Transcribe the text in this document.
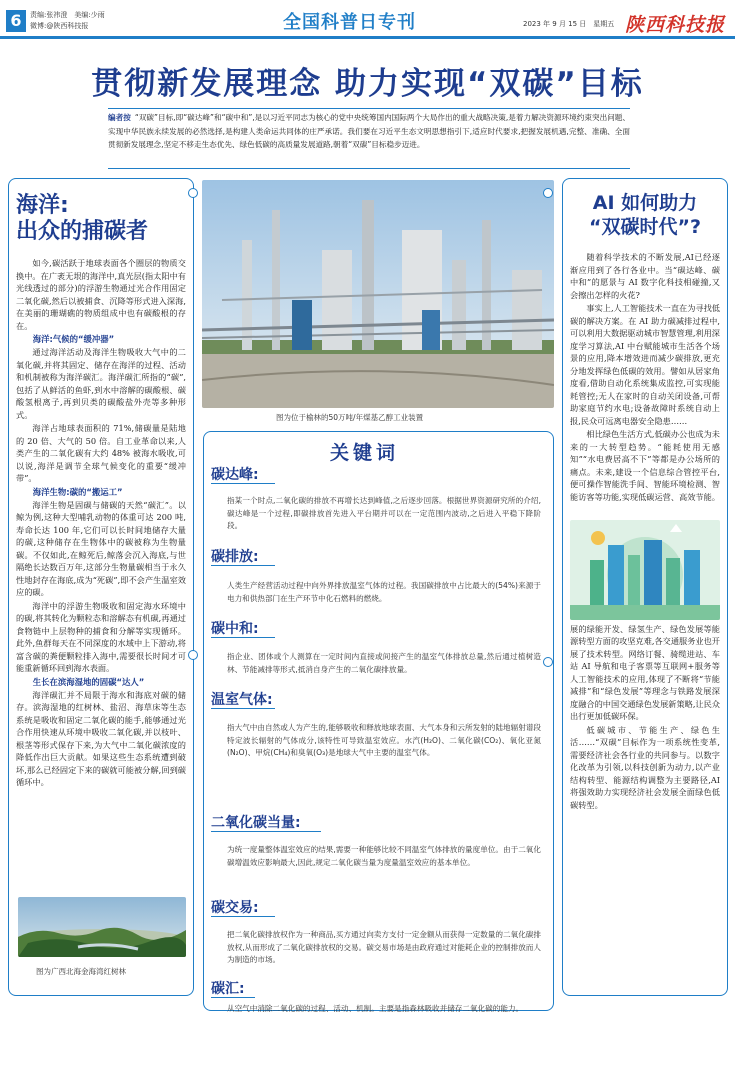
6	责编:张祎澄　美编:少雨
微博:@陕西科技报	全国科普日专刊	2023 年 9 月 15 日　星期五 陕西科技报
贯彻新发展理念 助力实现“双碳”目标
编者按 “双碳”目标,即“碳达峰”和“碳中和”,是以习近平同志为核心的党中央统筹国内国际两个大局作出的重大战略决策,是着力解决资源环境约束突出问题、实现中华民族永续发展的必然选择,是构建人类命运共同体的庄严承诺。我们要在习近平生态文明思想指引下,适应时代要求,把握发展机遇,完整、准确、全面贯彻新发展理念,坚定不移走生态优先、绿色低碳的高质量发展道路,朝着“双碳”目标稳步迈进。
海洋:
出众的捕碳者

如今,碳活跃于地球表面各个圈层的物质交换中。在广袤无垠的海洋中,真光层(指太阳中有光线透过的部分)的浮游生物通过光合作用固定二氧化碳,然后以被捕食、沉降等形式进入深海,在美丽的珊瑚礁的物质组成中也有碳酸根的存在。

海洋:气候的“缓冲器”

通过海洋活动及海洋生物吸收大气中的二氧化碳,并将其固定、储存在海洋的过程、活动和机制被称为海洋碳汇。海洋碳汇所指的“碳”,包括了从鲜活的鱼虾,到水中溶解的碳酸根、碳酸氢根离子,再到贝类的碳酸盐外壳等多种形式。

海洋占地球表面积的 71%,储碳量是陆地的 20 倍、大气的 50 倍。自工业革命以来,人类产生的二氧化碳有大约 48% 被海水吸收,可以说,海洋是调节全球气候变化的重要“缓冲带”。

海洋生物:碳的“搬运工”

海洋生物是固碳与储碳的天然“碳汇”。以鲸为例,这种大型哺乳动物的体重可达 200 吨,寿命长达 100 年,它们可以长时间地储存大量的碳,这种储存在生物体中的碳被称为生物量碳。不仅如此,在鲸死后,鲸落会沉入海底,与世隔绝长达数百万年,这部分生物量碳相当于永久性地封存在海底,成为“死碳”,即不会产生温室效应的碳。

海洋中的浮游生物吸收和固定海水环境中的碳,将其转化为颗粒态和溶解态有机碳,再通过食物链中上层物种的捕食和分解等实现循环。此外,鱼群每天在不同深度的水域中上下游动,将富含碳的粪便颗粒排入海中,需要很长时间才可能重新循环回到海水表面。

生长在滨海湿地的固碳“达人”

海洋碳汇并不局限于海水和海底对碳的储存。滨海湿地的红树林、盐沼、海草床等生态系统是吸收和固定二氧化碳的能手,能够通过光合作用快速从环境中吸收二氧化碳,并以枝叶、根茎等形式保存下来,为大气中二氧化碳浓度的降低作出巨大贡献。如果这些生态系统遭到破坏,那么已经固定下来的碳就可能被分解,回到碳循环中。

图为广西北海金海湾红树林
图为位于榆林的50万吨/年煤基乙醇工业装置
关键词
碳达峰:
指某一个时点,二氧化碳的排放不再增长达到峰值,之后逐步回落。根据世界资源研究所的介绍,碳达峰是一个过程,即碳排放首先进入平台期并可以在一定范围内波动,之后进入平稳下降阶段。
碳排放:
人类生产经营活动过程中向外界排放温室气体的过程。我国碳排放中占比最大的(54%)来源于电力和供热部门在生产环节中化石燃料的燃烧。
碳中和:
指企业、团体或个人测算在一定时间内直接或间接产生的温室气体排放总量,然后通过植树造林、节能减排等形式,抵消自身产生的二氧化碳排放量。
温室气体:
指大气中由自然或人为产生的,能够吸收和释放地球表面、大气本身和云所发射的陆地辐射谱段特定波长辐射的气体成分,该特性可导致温室效应。水汽(H₂O)、二氧化碳(CO₂)、氧化亚氮(N₂O)、甲烷(CH₄)和臭氧(O₃)是地球大气中主要的温室气体。
二氧化碳当量:
为统一度量整体温室效应的结果,需要一种能够比较不同温室气体排放的量度单位。由于二氧化碳增温效应影响最大,因此,规定二氧化碳当量为度量温室效应的基本单位。
碳交易:
把二氧化碳排放权作为一种商品,买方通过向卖方支付一定金额从而获得一定数量的二氧化碳排放权,从而形成了二氧化碳排放权的交易。碳交易市场是由政府通过对能耗企业的控制排放而人为制造的市场。
碳汇:
从空气中消除二氧化碳的过程、活动、机制。主要是指森林吸收并储存二氧化碳的能力。
AI 如何助力
“双碳时代”?

随着科学技术的不断发展,AI已经逐渐应用到了各行各业中。当“碳达峰、碳中和”的愿景与 AI 数字化科技相碰撞,又会擦出怎样的火花?

事实上,人工智能技术一直在为寻找低碳的解决方案。在 AI 助力碳减排过程中,可以利用大数据驱动城市智慧管理,利用深度学习算法,AI 中台赋能城市生活各个场景的应用,降本增效进而减少碳排放,更充分地发挥绿色低碳的效用。譬如从居家角度看,借助自动化系统集成监控,可实现能耗管控;无人在家时的自动关闭设备,可帮助家庭节约水电;设备故障时系统自动上报,民众可远离电器安全隐患……

相比绿色生活方式,低碳办公也成为未来的一大转型趋势。“能耗使用无感知”“水电费居高不下”等都是办公场所的痛点。未来,建设一个信息综合管控平台,便可操作智能洗手间、智能环境检测、智能访客等功能,实现低碳运营、高效节能。

展的绿能开发、绿氢生产、绿色发展等能源转型方面的攻坚克难,各交通服务业也开展了技术转型。网络订餐、骑缆进站、车站 AI 导航和电子客票等互联网+服务等人工智能技术的应用,体现了不断将“节能减排”和“绿色发展”等理念与铁路发展深度融合的中国交通绿色发展新策略,让民众出行更加低碳环保。

低碳城市、节能生产、绿色生活……“双碳”目标作为一项系统性变革,需要经济社会各行业的共同参与。以数字化改革为引领,以科技创新为动力,以产业结构转型、能源结构调整为主要路径,AI 将强效助力实现经济社会发展全面绿色低碳转型。
